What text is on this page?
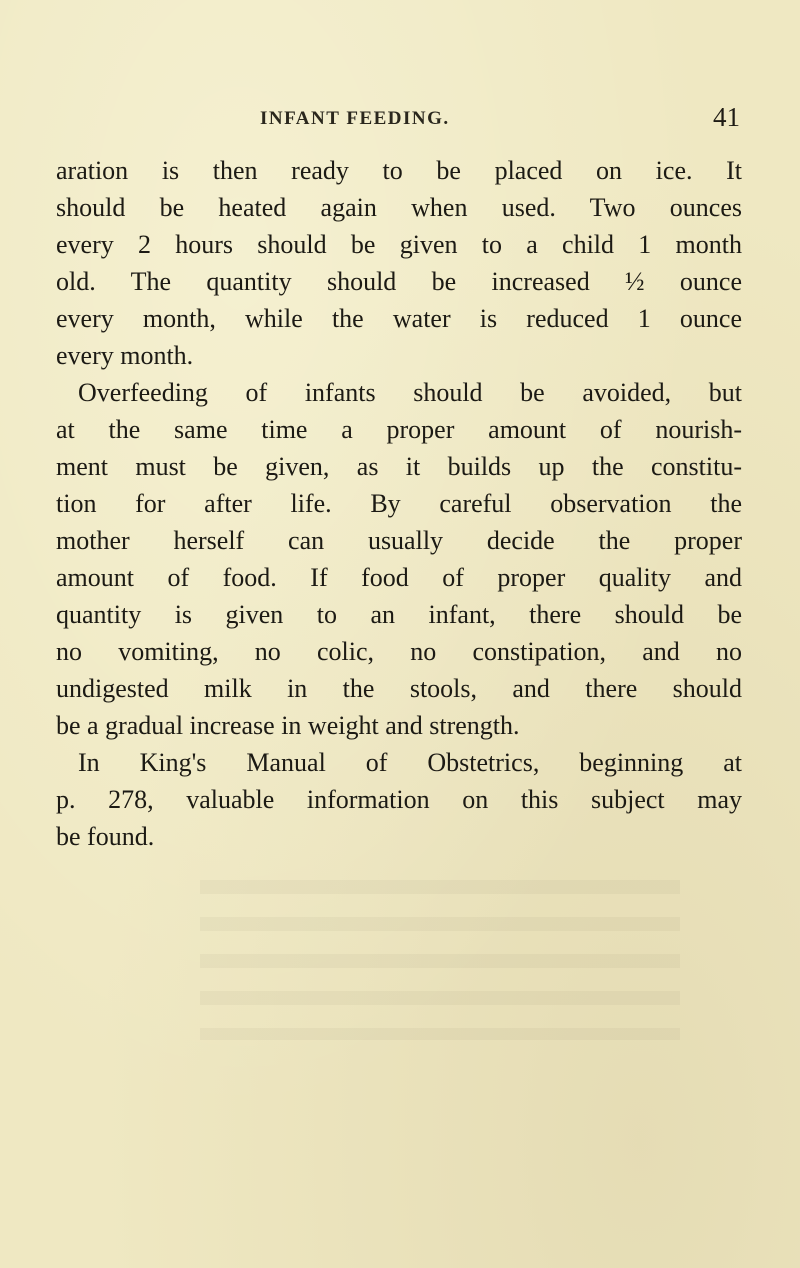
INFANT FEEDING.	41
aration is then ready to be placed on ice. It
should be heated again when used. Two ounces
every 2 hours should be given to a child 1 month
old. The quantity should be increased ½ ounce
every month, while the water is reduced 1 ounce
every month.
Overfeeding of infants should be avoided, but
at the same time a proper amount of nourish-
ment must be given, as it builds up the constitu-
tion for after life. By careful observation the
mother herself can usually decide the proper
amount of food. If food of proper quality and
quantity is given to an infant, there should be
no vomiting, no colic, no constipation, and no
undigested milk in the stools, and there should
be a gradual increase in weight and strength.
In King's Manual of Obstetrics, beginning at
p. 278, valuable information on this subject may
be found.
